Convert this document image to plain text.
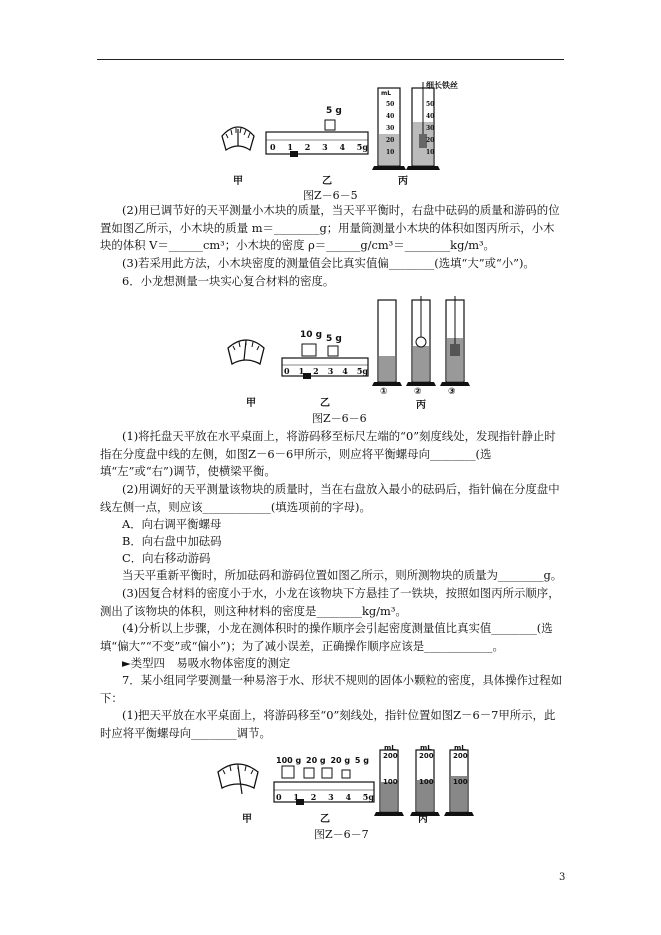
5 g
0 1 2 3 4 5g
mL
50
40
30
20
10
50
40
30
20
10
细长铁丝
甲	乙	丙
图Z－6－5

(2)用已调节好的天平测量小木块的质量，当天平平衡时，右盘中砝码的质量和游码的位置如图乙所示，小木块的质量 m＝________g；用量筒测量小木块的体积如图丙所示，小木块的体积 V＝______cm³；小木块的密度 ρ＝______g/cm³＝________kg/m³。

(3)若采用此方法，小木块密度的测量值会比真实值偏________(选填“大”或“小”)。
6．小龙想测量一块实心复合材料的密度。
10 g 5 g
0 1 2 3 4 5g
①	②	③
甲	乙	丙
图Z－6－6

(1)将托盘天平放在水平桌面上，将游码移至标尺左端的“0”刻度线处，发现指针静止时指在分度盘中线的左侧，如图Z－6－6甲所示，则应将平衡螺母向________(选填“左”或“右”)调节，使横梁平衡。

(2)用调好的天平测量该物块的质量时，当在右盘放入最小的砝码后，指针偏在分度盘中线左侧一点，则应该____________(填选项前的字母)。

A．向右调平衡螺母
B．向右盘中加砝码
C．向右移动游码
当天平重新平衡时，所加砝码和游码位置如图乙所示，则所测物块的质量为________g。

(3)因复合材料的密度小于水，小龙在该物块下方悬挂了一铁块，按照如图丙所示顺序，测出了该物块的体积，则这种材料的密度是________kg/m³。

(4)分析以上步骤，小龙在测体积时的操作顺序会引起密度测量值比真实值________(选填“偏大”“不变”或“偏小”)；为了减小误差，正确操作顺序应该是____________。

►类型四　易吸水物体密度的测定

7．某小组同学要测量一种易溶于水、形状不规则的固体小颗粒的密度，具体操作过程如下：

(1)把天平放在水平桌面上，将游码移至“0”刻线处，指针位置如图Z－6－7甲所示，此时应将平衡螺母向________调节。

100 g 20 g 20 g 5 g
0 1 2 3 4 5g
mL
200
100
mL
200
100
mL
200
100
甲	乙	丙
图Z－6－7
3
